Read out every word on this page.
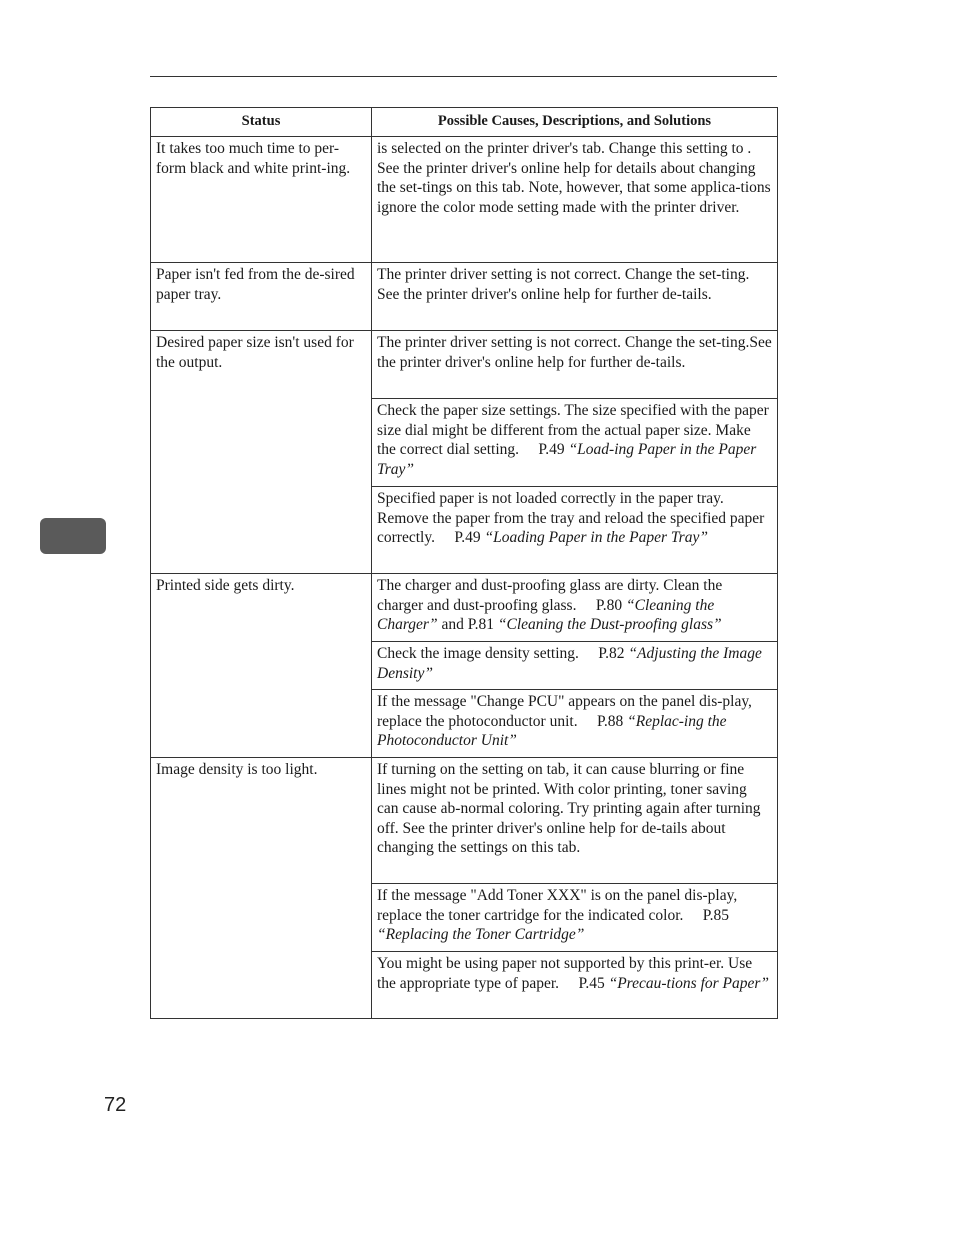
Status	Possible Causes, Descriptions, and Solutions
It takes too much time to per-form black and white print-ing.	is selected on the printer driver's tab. Change this setting to . See the printer driver's online help for details about changing the set-tings on this tab. Note, however, that some applica-tions ignore the color mode setting made with the printer driver.
Paper isn't fed from the de-sired paper tray.	The printer driver setting is not correct. Change the set-ting. See the printer driver's online help for further de-tails.
Desired paper size isn't used for the output.	The printer driver setting is not correct. Change the set-ting.See the printer driver's online help for further de-tails.
	Check the paper size settings. The size specified with the paper size dial might be different from the actual paper size. Make the correct dial setting. P.49 “Load-ing Paper in the Paper Tray”
	Specified paper is not loaded correctly in the paper tray. Remove the paper from the tray and reload the specified paper correctly. P.49 “Loading Paper in the Paper Tray”
Printed side gets dirty.	The charger and dust-proofing glass are dirty. Clean the charger and dust-proofing glass. P.80 “Cleaning the Charger” and P.81 “Cleaning the Dust-proofing glass”
	Check the image density setting. P.82 “Adjusting the Image Density”
	If the message "Change PCU" appears on the panel dis-play, replace the photoconductor unit. P.88 “Replac-ing the Photoconductor Unit”
Image density is too light.	If turning on the setting on tab, it can cause blurring or fine lines might not be printed. With color printing, toner saving can cause ab-normal coloring. Try printing again after turning off. See the printer driver's online help for de-tails about changing the settings on this tab.
	If the message "Add Toner XXX" is on the panel dis-play, replace the toner cartridge for the indicated color. P.85 “Replacing the Toner Cartridge”
	You might be using paper not supported by this print-er. Use the appropriate type of paper. P.45 “Precau-tions for Paper”
72
